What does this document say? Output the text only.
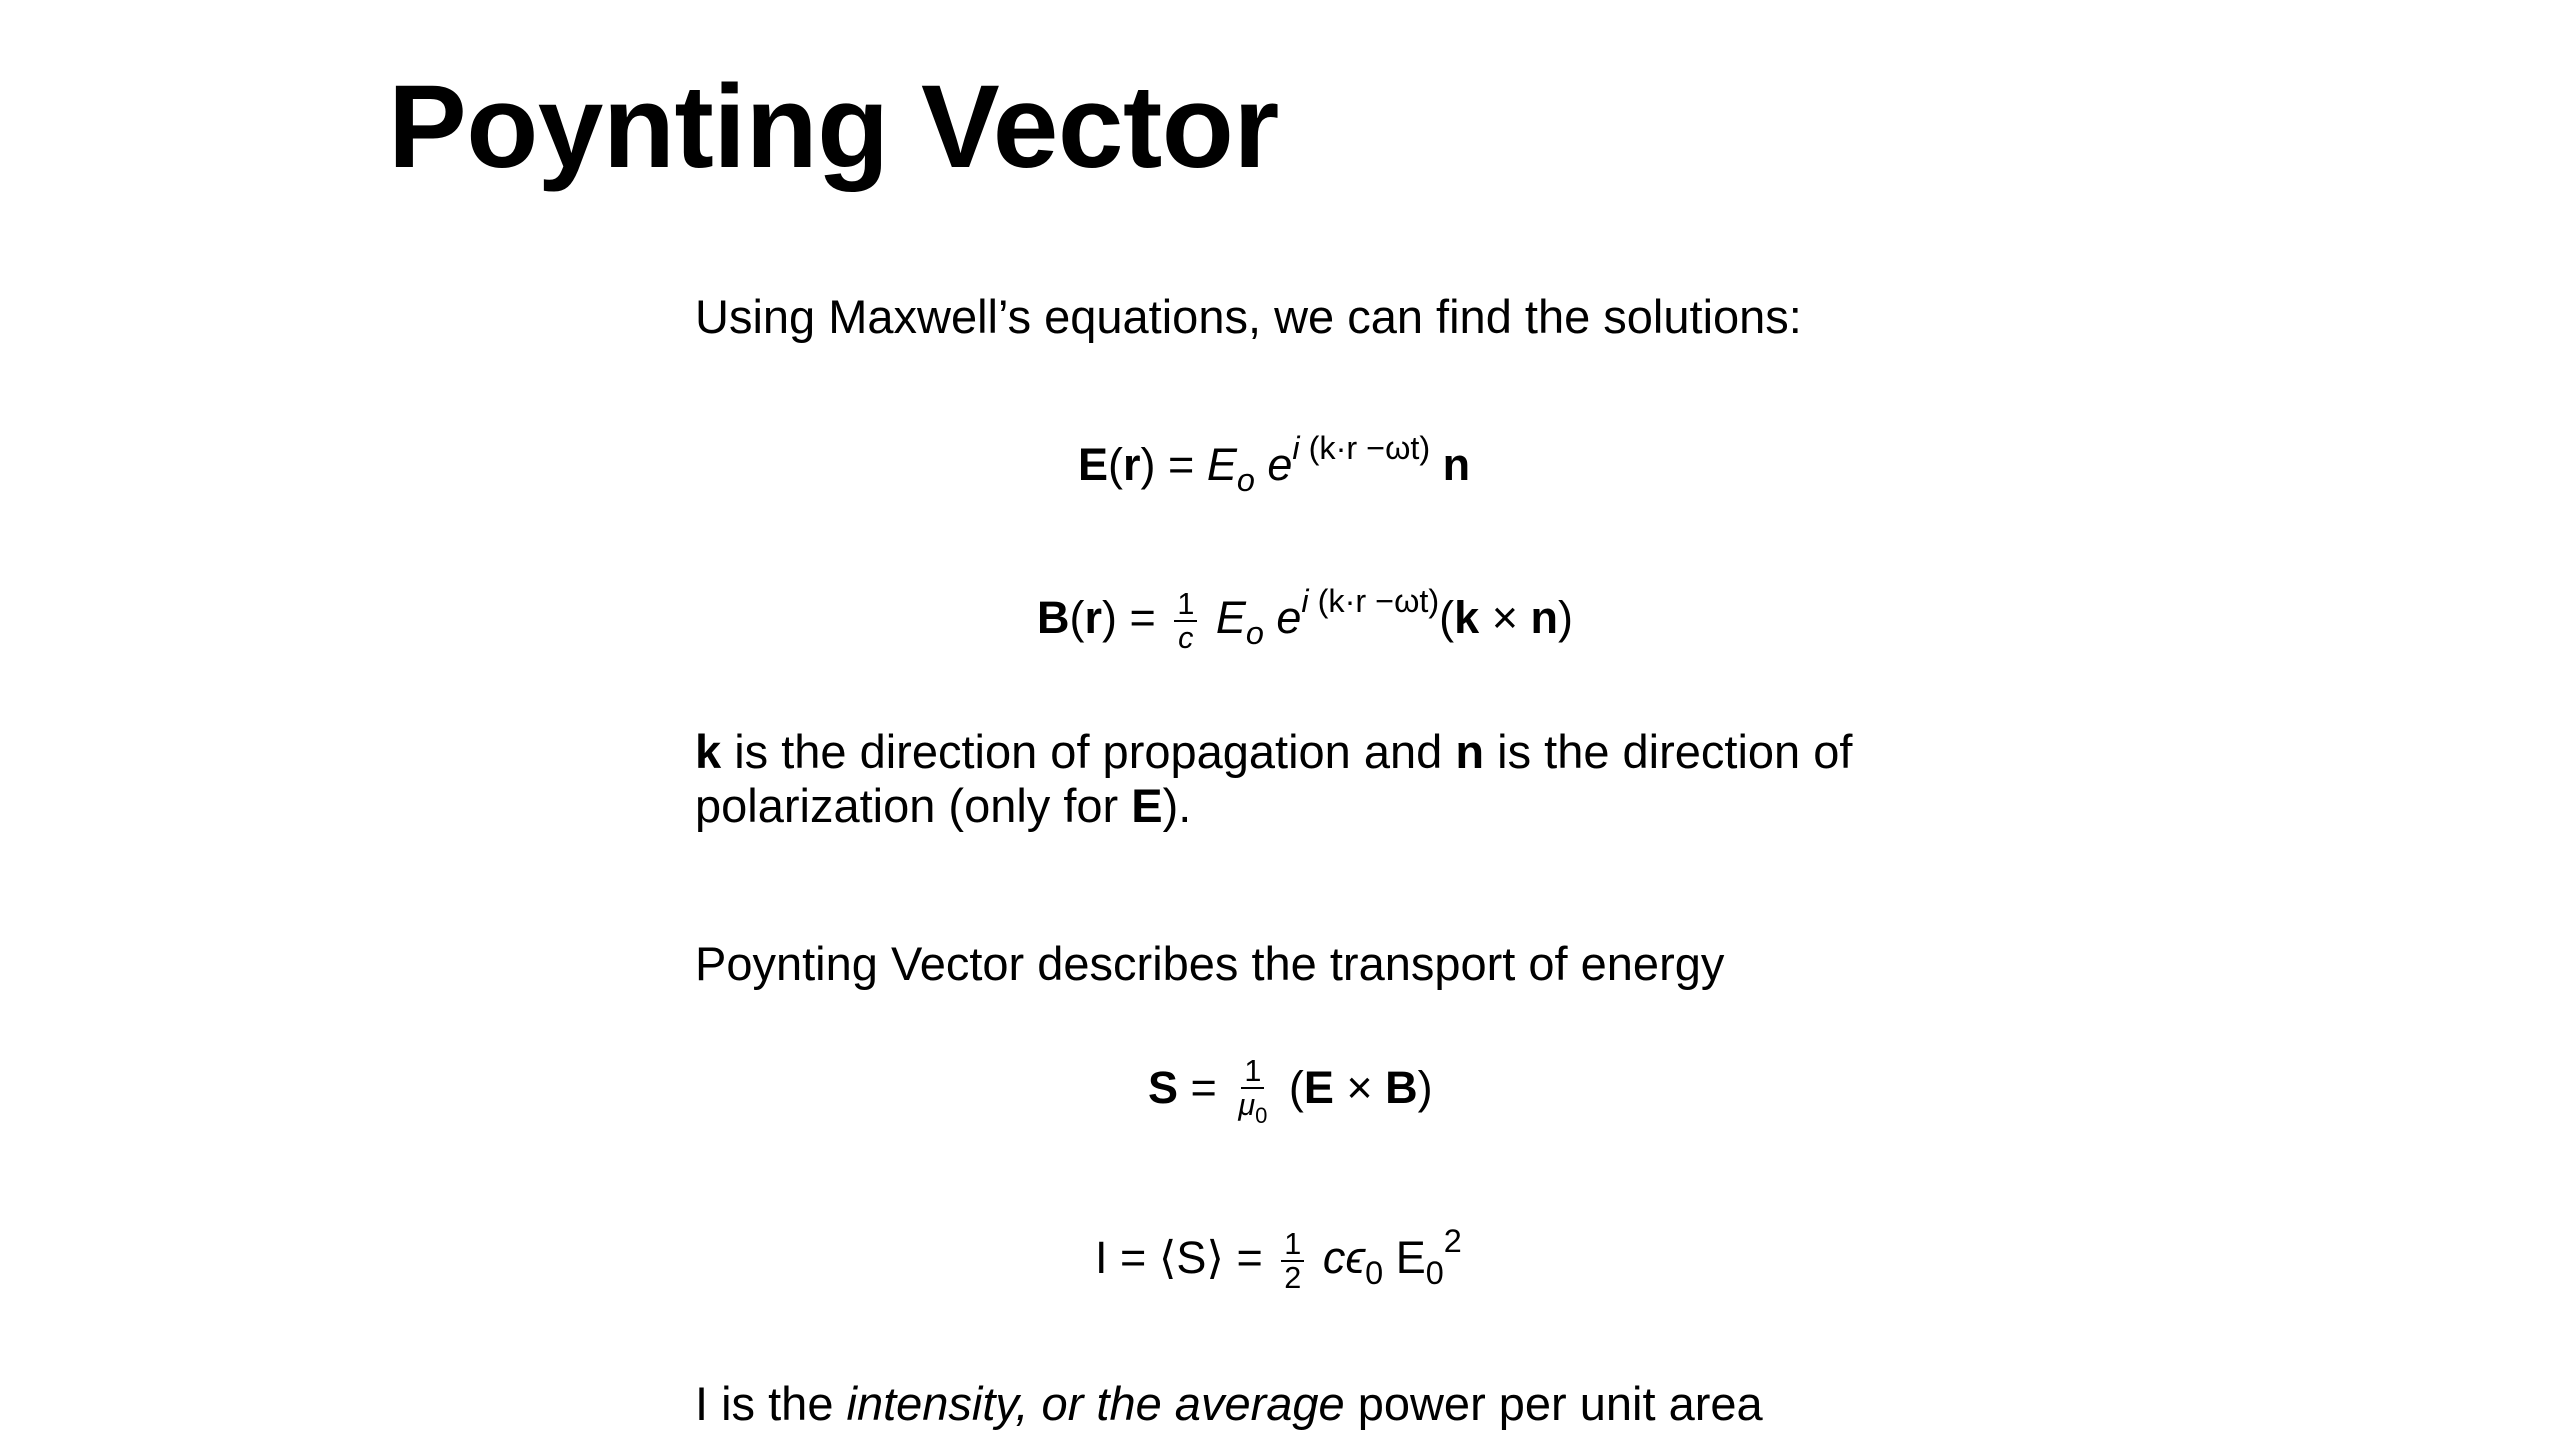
Poynting Vector
Using Maxwell’s equations, we can find the solutions:
E(r) = Eo ei (k·r −ωt) n
$B(r) = \frac{1}{c}$ Eo ei (k·r −ωt)(k × n)
k is the direction of propagation and n is the direction of
polarization (only for E).
Poynting Vector describes the transport of energy
$S = \frac{1}{\mu 0} (E \times B)$
I = ⟨S⟩ = $\frac{1}{2} c\epsilon 0$ E02
I is the intensity, or the average power per unit area
